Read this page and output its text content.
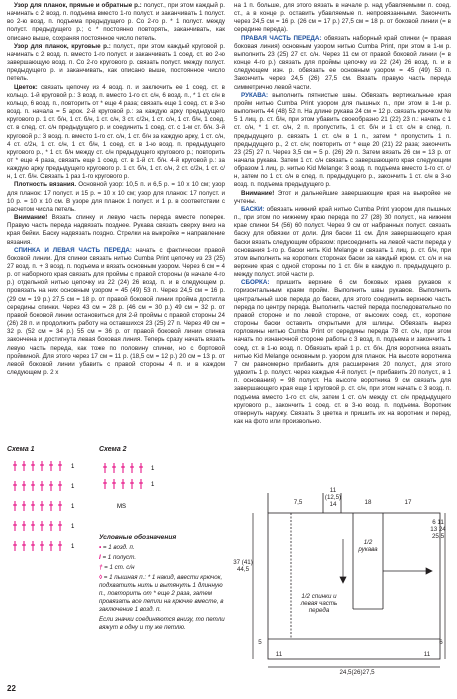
Узор для планок, прямые и обратные р.: полуст., при этом каждый р. начинать с 2 возд. п. подъема вместо 1-го полуст. и заканчивать 1 полуст. во 2-ю возд. п. подъема предыдущего р. Со 2-го р. * 1 полуст. между полуст. предыдущего р.; с * постоянно повторять, заканчивать, как описано выше, сохраняя постоянное число петель.

Узор для планок, круговые р.: полуст., при этом каждый круговой р. начинать с 2 возд. п. вместо 1-го полуст. и заканчивать 1 соед. ст. во 2-ю завершающую возд. п. Со 2-го кругового р. связать полуст. между полуст. предыдущего р. и заканчивать, как описано выше, постоянное число петель.

Цветок: связать цепочку из 4 возд. п. и заключить ее 1 соед. ст. в кольцо. 1-й круговой р.: 3 возд. п. вместо 1-го ст. с/н, 6 возд. п., * 1 ст. с/н в кольцо, 6 возд. п., повторить от * еще 4 раза; связать еще 1 соед. ст. в 3-ю возд. п. начала = 5 арок. 2-й круговой р.: за каждую арку предыдущего кругового р. 1 ст. б/н, 1 ст. б/н, 1 ст. с/н, 3 ст. с/2н, 1 ст. с/н, 1 ст. б/н, 1 соед. ст. в след. ст. с/н предыдущего р. и соединить 1 соед. ст. с 1-м ст. б/н. 3-й круговой р.: 3 возд. п. вместо 1-го ст. с/н, 1 ст. б/н за каждую арку, 1 ст. с/н, 4 ст. с/2н, 1 ст. с/н, 1 ст. б/н, 1 соед. ст. в 1-ю возд. п. предыдущего кругового р., * 1 ст. б/н между ст. с/н предыдущего кругового р.; повторить от * еще 4 раза, связать еще 1 соед. ст. в 1-й ст. б/н. 4-й круговой р.: за каждую арку предыдущего кругового р. 1 ст. б/н, 1 ст. с/н, 2 ст. с/2н, 1 ст. с/н, 1 ст. б/н. Связать 1 раз 1-го кругового р.

Плотность вязания. Основной узор: 10,5 п. и 6,5 р. = 10 х 10 см; узор для планок: 17 полуст. и 15 р. = 10 х 10 см; узор для планок: 17 полуст. и 10 р. = 10 х 10 см. В узоре для планок 1 полуст. и 1 р. в соответствии с расчетом числа петель.

Внимание! Вязать спинку и левую часть переда вместе поперек. Правую часть переда надвязать позднее. Рукава связать сверху вниз на края бейки. Баску надвязать поздно. Стрелки на выкройке = направление вязания.

СПИНКА И ЛЕВАЯ ЧАСТЬ ПЕРЕДА: начать с фактически правой боковой линии. Для спинки связать нитью Cumba Print цепочку из 23 (25) 27 возд. п. + 3 возд. п. подъема и вязать основным узором. Через 6 см = 4 р. от наборного края связать для проймы с правой стороны (в начале 4-го р.) отдельной нитью цепочку из 22 (24) 26 возд. п. и в следующем р. провязать на них основным узором = 45 (49) 53 п. Через 24,5 см = 16 р. (29 см = 19 р.) 27,5 см = 18 р. от правой боковой линии пройма достигла середины спинки. Через 43 см = 28 р. (46 см = 30 р.) 49 см = 32 р. от правой боковой линии остановиться для 2-й проймы с правой стороны 24 (26) 28 п. и продолжить работу на оставшихся 23 (25) 27 п. Через 49 см = 32 р. (52 см = 34 р.) 55 см = 36 р. от правой боковой линии спинка закончена и достигнута левая боковая линия. Теперь сразу начать вязать левую часть переда, как тоже по половину спинки, но с бортовой пройминой. Для этого через 17 см = 11 р. (18,5 см = 12 р.) 20 см = 13 р. от левой боковой линии убавить с правой стороны 4 п. и в каждом следующем р. 2 х

на 1 п. больше, для этого вязать в начале р. над убавляемыми п. соед. ст., а в конце р. оставить убавляемые п. непровязанными. Закончить через 24,5 см = 16 р. (26 см = 17 р.) 27,5 см = 18 р. от боковой линии (= в середине переда).

ПРАВАЯ ЧАСТЬ ПЕРЕДА: обвязать наборный край спинки (= правая боковая линия) основным узором нитью Cumba Print, при этом в 1-м р. выполнить 23 (25) 27 ст. с/н. Через 11 см от правой боковой линии (= в конце 4-го р.) связать для проймы цепочку из 22 (24) 26 возд. п. и в следующем изн. р. обвязать ее основным узором = 45 (49) 53 п. Закончить через 24,5 (26) 27,5 см. Вязать правую часть переда симметрично левой части.

РУКАВА: выполнить пятнистые швы. Обвязать вертикальные края пройм нитью Cumba Print узором для пышных п., при этом в 1-м р. выполнить 44 (48) 52 п. На длине рукава 24 см = 12 р. связать крючком № 5 1 лиц. р. ст. б/н, при этом убавить своеобразно 21 (22) 23 п.: начать с 1 ст. с/н, * 1 ст. с/н, 2 п. пропустить, 1 ст. б/н и 1 ст. с/н в след. п. предыдущего р. связать 1 ст. с/н в 1 п., затем * пропустить 1 п. предыдущего р., 2 ст. с/н; повторить от * еще 20 (21) 22 раза; закончить 23 (25) 27 п. Через 3,5 см = 5 р. (26) 29 п. Затем вязать 26 см = 13 р. от начала рукава. Затем 1 ст. с/н связать с завершающего края следующим образом 1 лиц. р. нитью Kid Melange: 3 возд. п. подъема вместо 1-го ст. с/н, затем по 1 ст. с/н в след. п. предыдущего р., закончить 1 ст. с/н в 3-ю возд. п. подъема предыдущего р.

Внимание! Этот и дальнейшие завершающие края на выкройке не учтены.

БАСКИ: обвязать нижний край нитью Cumba Print узором для пышных п., при этом по нижнему краю переда по 27 (28) 30 полуст., на нижнем крае спинки 54 (56) 60 полуст. Через 9 см от набранных полуст. связать баску для обвязки от доли. Для баски 11 см. Для завершающего края баски вязать следующим образом: присоединить на левой части переда у основания 1-го р. баски нить Kid Melange и связать 1 лиц. р. ст. б/н, при этом выполнить на коротких сторонах баски за каждый крюм. ст. с/н и на верхние края с одной стороны по 1 ст. б/н в каждую п. предыдущего р. между полуст. этой части р.

СБОРКА: пришить верхние 6 см боковых краев рукавов к горизонтальным краям пройм. Выполнить швы рукавов. Выполнить центральный шов переда до баски, для этого соединить верхнюю часть переда по центру переда. Выполнить частей переда последовательно по правой стороне и по левой стороне, от высоких соед. ст., короткие стороны баски оставить открытыми для шлицы. Обвязать вырез горловины нитью Cumba Print от середины переда 78 ст. с/н, при этом начать по изнаночной стороне работы с 3 возд. п. подъема и закончить 1 соед. ст. в 1-ю возд. п. Обвязать край 1 р. ст. б/н. Для воротника вязать нитью Kid Melange основным р. узором для планок. На высоте воротника 7 см равномерно прибавить для расширения 20 полуст., для этого удвоить 1 р. полуст. через каждые 4-й полуст. (= прибавить 20 полуст., в 1 п. основания) = 98 полуст. На высоте воротника 9 см связать для завершающего края еще 1 круговой р. ст. с/н, при этом начать с 3 возд. п. подъема вместо 1-го ст. с/н, затем 1 ст. с/н между ст. с/н предыдущего кругового р., закончить 1 соед. ст. в 3-ю возд. п. подъема. Воротник отвернуть наружу. Связать 3 цветка и пришить их на воротник и перед, как на фото или произвольно.

Схема 1	Схема 2
1
1
1
1
1
1
1
MS
Условные обозначения
• = 1 возд. п.
I = 1 полуст.
† = 1 ст. с/н
◊ = 1 пышная п.: * 1 накид, ввести крючок, подхватить нить и вытянуть 1 длинную п., повторить от * еще 2 раза, затем провязать все петли на крючке вместе, в заключение 1 возд. п.
Если значки соединяются внизу, то петли вяжут в одну и ту же петлю.
7,5
11 (12,5) 14	18	17
1/2 рукава
37 (41) 44,5
1/2 спинки и левая часть переда
6 11 13 24 25,5
11
24,5(26)27,5
11
5	6
22
